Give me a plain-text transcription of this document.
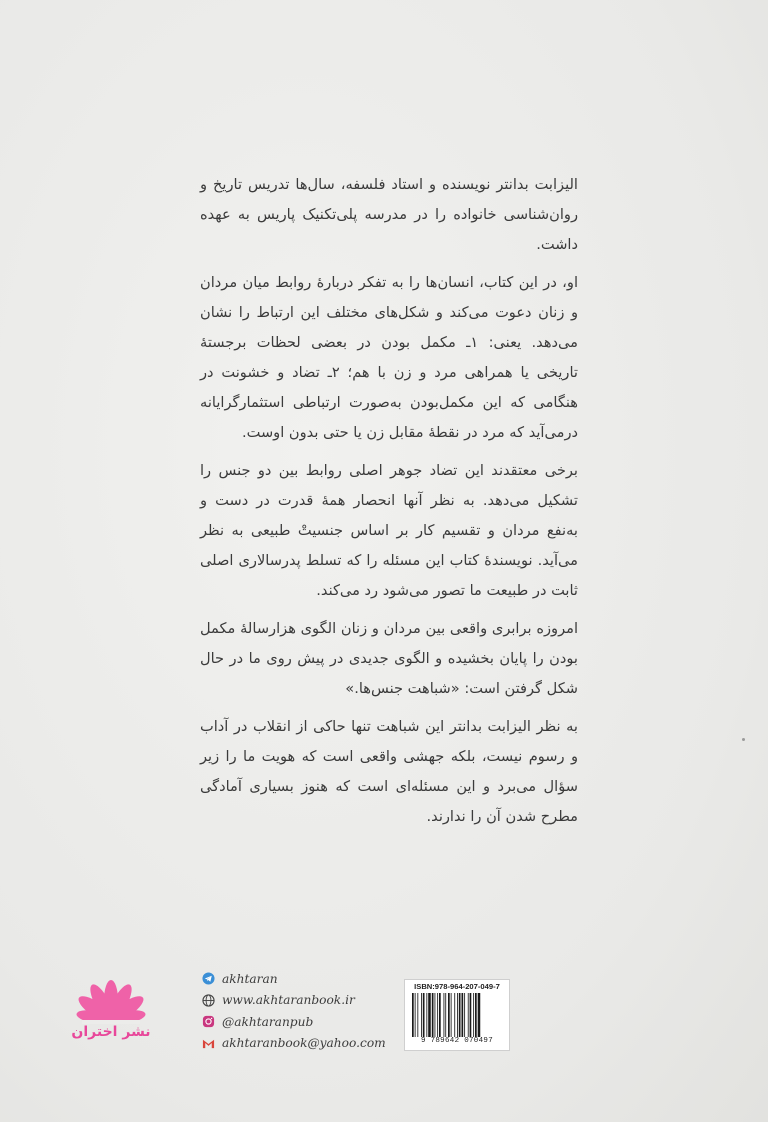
الیزابت بدانتر نویسنده و استاد فلسفه، سال‌ها تدریس تاریخ و روان‌شناسی خانواده را در مدرسه پلی‌تکنیک پاریس به عهده داشت.

او، در این کتاب، انسان‌ها را به تفکر دربارهٔ روابط میان مردان و زنان دعوت می‌کند و شکل‌های مختلف این ارتباط را نشان می‌دهد. یعنی: ۱ـ مکمل بودن در بعضی لحظات برجستهٔ تاریخی یا همراهی مرد و زن با هم؛ ۲ـ تضاد و خشونت در هنگامی که این مکمل‌بودن به‌صورت ارتباطی استثمارگرایانه درمی‌آید که مرد در نقطهٔ مقابل زن یا حتی بدون اوست.

برخی معتقدند این تضاد جوهر اصلی روابط بین دو جنس را تشکیل می‌دهد. به نظر آنها انحصار همهٔ قدرت در دست و به‌نفع مردان و تقسیم کار بر اساس جنسیتْ طبیعی به نظر می‌آید. نویسندهٔ کتاب این مسئله را که تسلط پدرسالاری اصلی ثابت در طبیعت ما تصور می‌شود رد می‌کند.

امروزه برابری واقعی بین مردان و زنان الگوی هزارسالهٔ مکمل بودن را پایان بخشیده و الگوی جدیدی در پیش روی ما در حال شکل گرفتن است: «شباهت جنس‌ها.»

به نظر الیزابت بدانتر این شباهت تنها حاکی از انقلاب در آداب و رسوم نیست، بلکه جهشی واقعی است که هویت ما را زیر سؤال می‌برد و این مسئله‌ای است که هنوز بسیاری آمادگی مطرح شدن آن را ندارند.

نشر اختران
akhtaran
www.akhtaranbook.ir
@akhtaranpub
akhtaranbook@yahoo.com
ISBN:978-964-207-049-7
9 789642 070497
